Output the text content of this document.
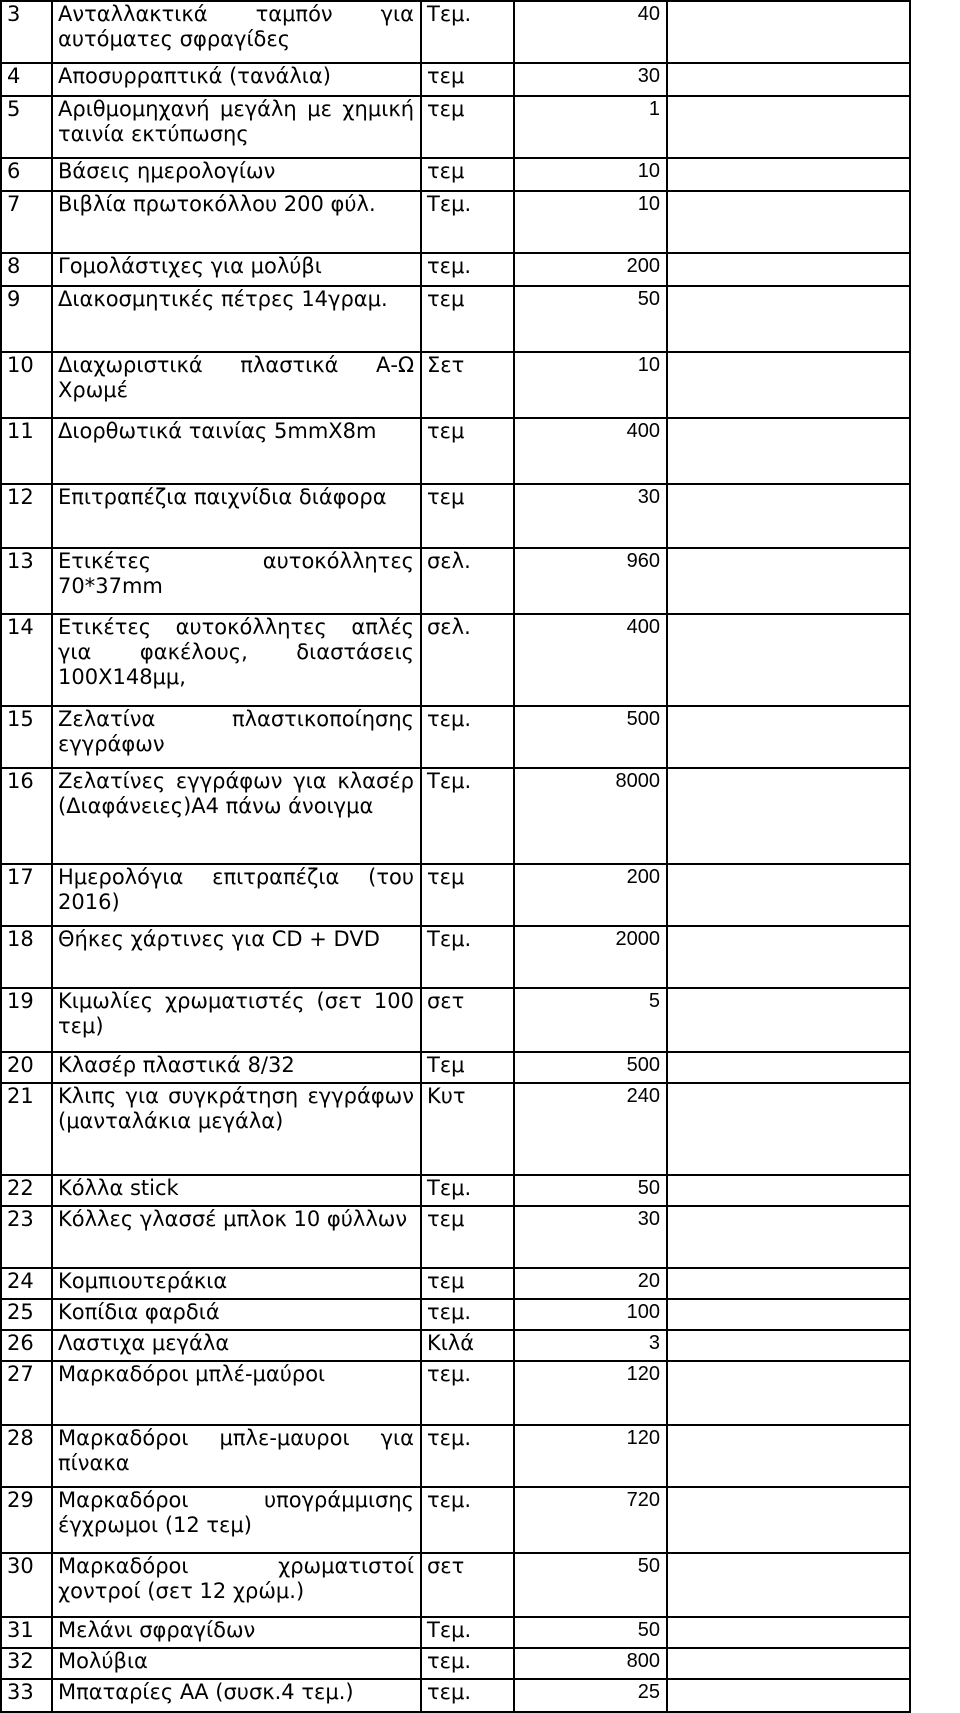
3	Ανταλλακτικά ταμπόν για αυτόματες σφραγίδες	Τεμ.	40	
4	Αποσυρραπτικά (τανάλια)	τεμ	30	
5	Αριθμομηχανή μεγάλη με χημική ταινία εκτύπωσης	τεμ	1	
6	Βάσεις ημερολογίων	τεμ	10	
7	Βιβλία πρωτοκόλλου 200 φύλ.	Τεμ.	10	
8	Γομολάστιχες για μολύβι	τεμ.	200	
9	Διακοσμητικές πέτρες 14γραμ.	τεμ	50	
10	Διαχωριστικά πλαστικά Α-Ω Χρωμέ	Σετ	10	
11	Διορθωτικά ταινίας 5mmX8m	τεμ	400	
12	Επιτραπέζια παιχνίδια διάφορα	τεμ	30	
13	Ετικέτες αυτοκόλλητες 70*37mm	σελ.	960	
14	Ετικέτες αυτοκόλλητες απλές για φακέλους, διαστάσεις 100Χ148μμ,	σελ.	400	
15	Ζελατίνα πλαστικοποίησης εγγράφων	τεμ.	500	
16	Ζελατίνες εγγράφων για κλασέρ (Διαφάνειες)Α4 πάνω άνοιγμα	Τεμ.	8000	
17	Ημερολόγια επιτραπέζια (του 2016)	τεμ	200	
18	Θήκες χάρτινες για CD + DVD	Τεμ.	2000	
19	Κιμωλίες χρωματιστές (σετ 100 τεμ)	σετ	5	
20	Κλασέρ πλαστικά 8/32	Τεμ	500	
21	Κλιπς για συγκράτηση εγγράφων (μανταλάκια μεγάλα)	Κυτ	240	
22	Κόλλα stick	Τεμ.	50	
23	Κόλλες γλασσέ μπλοκ 10 φύλλων	τεμ	30	
24	Κομπιουτεράκια	τεμ	20	
25	Κοπίδια φαρδιά	τεμ.	100	
26	Λαστιχα μεγάλα	Κιλά	3	
27	Μαρκαδόροι μπλέ-μαύροι	τεμ.	120	
28	Μαρκαδόροι μπλε-μαυροι για πίνακα	τεμ.	120	
29	Μαρκαδόροι υπογράμμισης έγχρωμοι (12 τεμ)	τεμ.	720	
30	Μαρκαδόροι χρωματιστοί χοντροί (σετ 12 χρώμ.)	σετ	50	
31	Μελάνι σφραγίδων	Τεμ.	50	
32	Μολύβια	τεμ.	800	
33	Μπαταρίες ΑΑ (συσκ.4 τεμ.)	τεμ.	25	
